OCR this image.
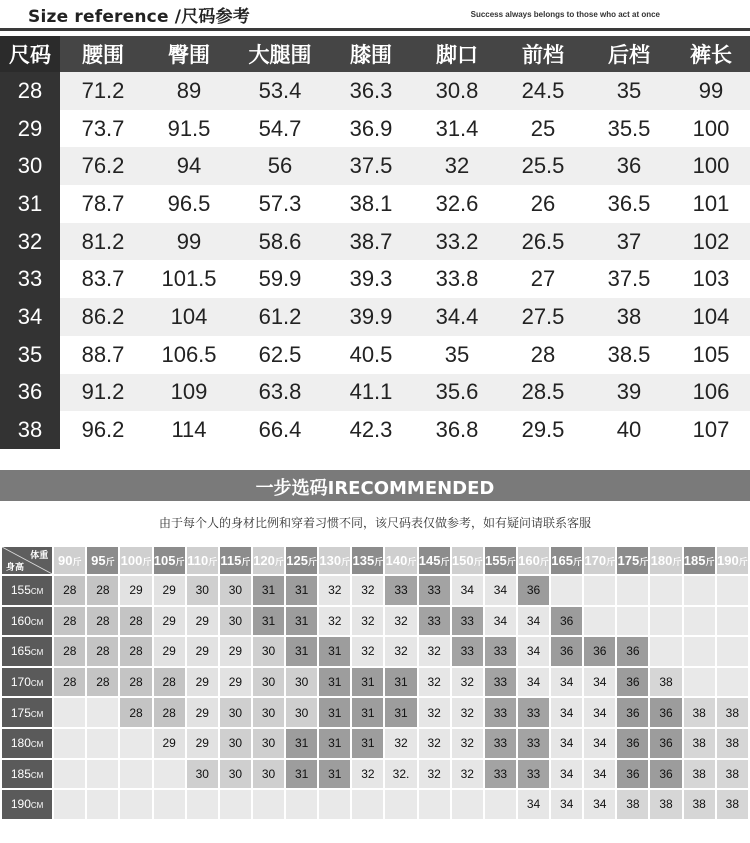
Size reference /尺码参考	Success always belongs to those who act at once
尺码	腰围	臀围	大腿围	膝围	脚口	前档	后档	裤长
28	71.2	89	53.4	36.3	30.8	24.5	35	99
29	73.7	91.5	54.7	36.9	31.4	25	35.5	100
30	76.2	94	56	37.5	32	25.5	36	100
31	78.7	96.5	57.3	38.1	32.6	26	36.5	101
32	81.2	99	58.6	38.7	33.2	26.5	37	102
33	83.7	101.5	59.9	39.3	33.8	27	37.5	103
34	86.2	104	61.2	39.9	34.4	27.5	38	104
35	88.7	106.5	62.5	40.5	35	28	38.5	105
36	91.2	109	63.8	41.1	35.6	28.5	39	106
38	96.2	114	66.4	42.3	36.8	29.5	40	107
一步选码IRECOMMENDED
由于每个人的身材比例和穿着习惯不同，该尺码表仅做参考，如有疑问请联系客服
体重
身高	90斤	95斤	100斤	105斤	110斤	115斤	120斤	125斤	130斤	135斤	140斤	145斤	150斤	155斤	160斤	165斤	170斤	175斤	180斤	185斤	190斤
155CM	28	28	29	29	30	30	31	31	32	32	33	33	34	34	36						
160CM	28	28	28	29	29	30	31	31	32	32	32	33	33	34	34	36					
165CM	28	28	28	29	29	29	30	31	31	32	32	32	33	33	34	36	36	36			
170CM	28	28	28	28	29	29	30	30	31	31	31	32	32	33	34	34	34	36	38		
175CM			28	28	29	30	30	30	31	31	31	32	32	33	33	34	34	36	36	38	38
180CM				29	29	30	30	31	31	31	32	32	32	33	33	34	34	36	36	38	38
185CM					30	30	30	31	31	32	32.	32	32	33	33	34	34	36	36	38	38
190CM															34	34	34	38	38	38	38
